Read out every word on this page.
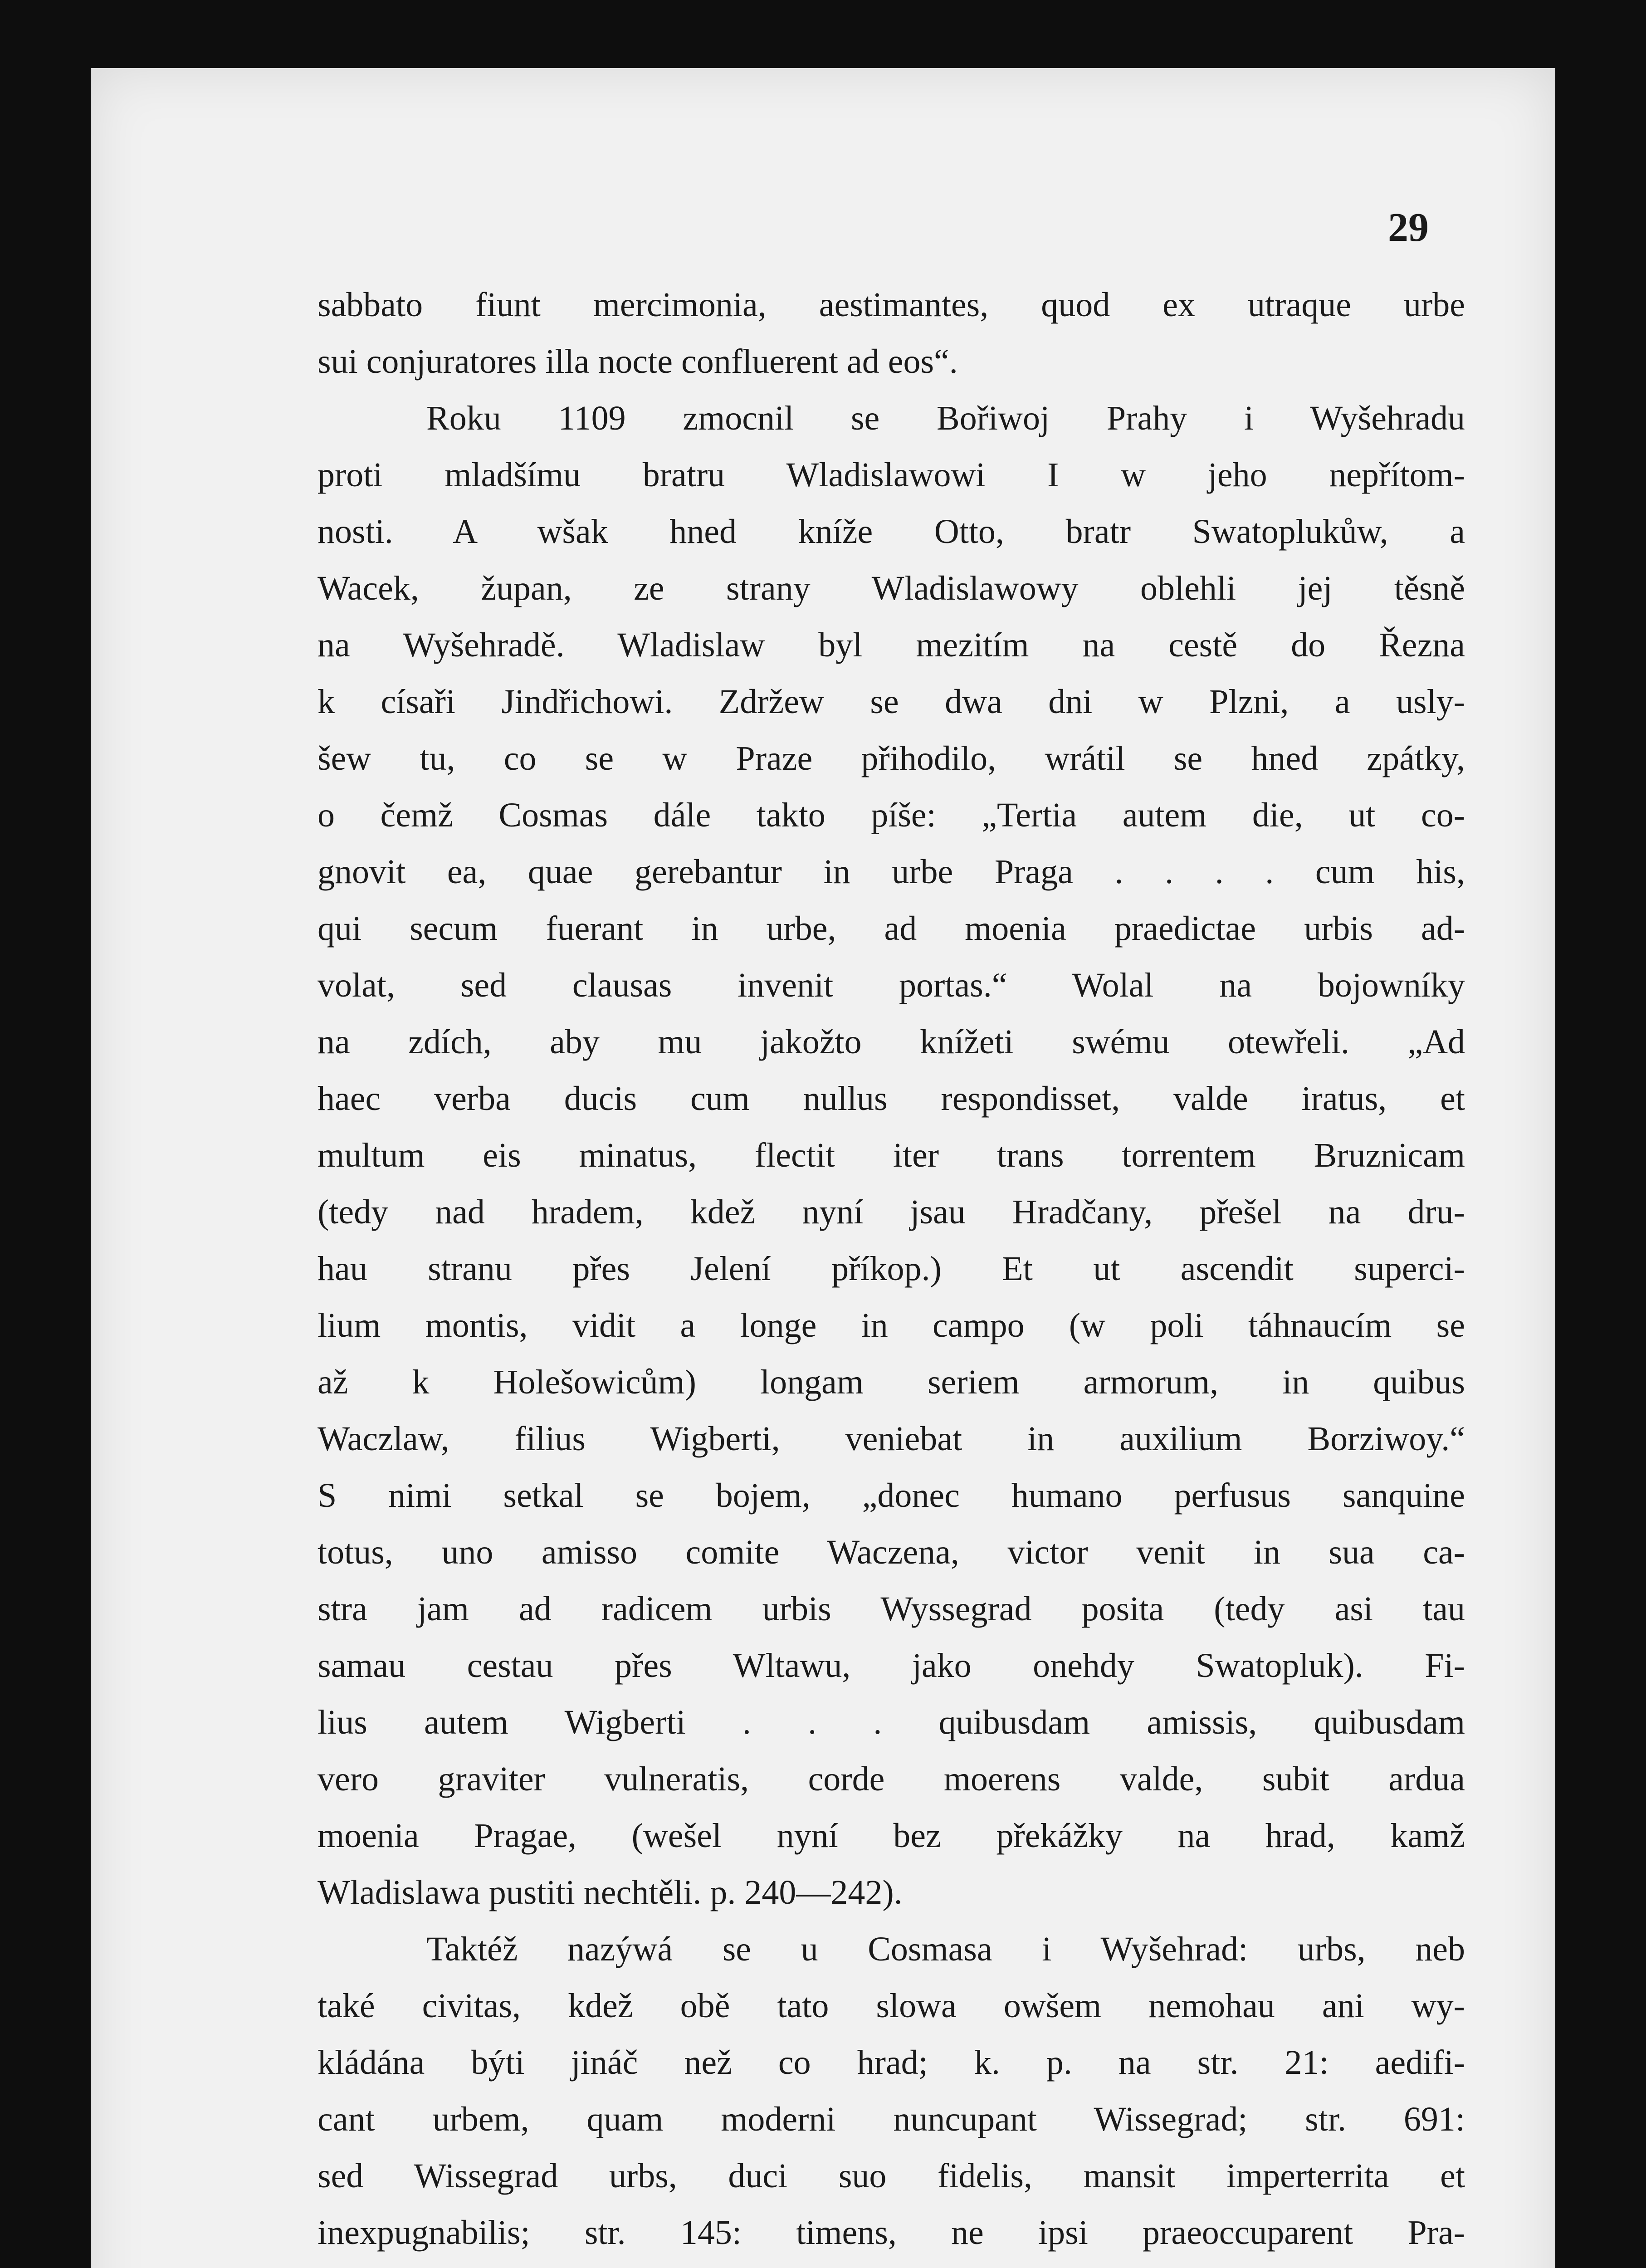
29
sabbato fiunt mercimonia, aestimantes, quod ex utraque urbe
sui conjuratores illa nocte confluerent ad eos“.
Roku 1109 zmocnil se Bořiwoj Prahy i Wyšehradu
proti mladšímu bratru Wladislawowi I w jeho nepřítom-
nosti. A wšak hned kníže Otto, bratr Swatoplukůw, a
Wacek, župan, ze strany Wladislawowy oblehli jej těsně
na Wyšehradě. Wladislaw byl mezitím na cestě do Řezna
k císaři Jindřichowi. Zdržew se dwa dni w Plzni, a usly-
šew tu, co se w Praze přihodilo, wrátil se hned zpátky,
o čemž Cosmas dále takto píše: „Tertia autem die, ut co-
gnovit ea, quae gerebantur in urbe Praga . . . . cum his,
qui secum fuerant in urbe, ad moenia praedictae urbis ad-
volat, sed clausas invenit portas.“ Wolal na bojowníky
na zdích, aby mu jakožto knížeti swému otewřeli. „Ad
haec verba ducis cum nullus respondisset, valde iratus, et
multum eis minatus, flectit iter trans torrentem Bruznicam
(tedy nad hradem, kdež nyní jsau Hradčany, přešel na dru-
hau stranu přes Jelení příkop.) Et ut ascendit superci-
lium montis, vidit a longe in campo (w poli táhnaucím se
až k Holešowicům) longam seriem armorum, in quibus
Waczlaw, filius Wigberti, veniebat in auxilium Borziwoy.“
S nimi setkal se bojem, „donec humano perfusus sanquine
totus, uno amisso comite Waczena, victor venit in sua ca-
stra jam ad radicem urbis Wyssegrad posita (tedy asi tau
samau cestau přes Wltawu, jako onehdy Swatopluk). Fi-
lius autem Wigberti . . . quibusdam amissis, quibusdam
vero graviter vulneratis, corde moerens valde, subit ardua
moenia Pragae, (wešel nyní bez překážky na hrad, kamž
Wladislawa pustiti nechtěli. p. 240—242).
Taktéž nazýwá se u Cosmasa i Wyšehrad: urbs, neb
také civitas, kdež obě tato slowa owšem nemohau ani wy-
kládána býti jináč než co hrad; k. p. na str. 21: aedifi-
cant urbem, quam moderni nuncupant Wissegrad; str. 691:
sed Wissegrad urbs, duci suo fidelis, mansit imperterrita et
inexpugnabilis; str. 145: timens, ne ipsi praeoccuparent Pra-
